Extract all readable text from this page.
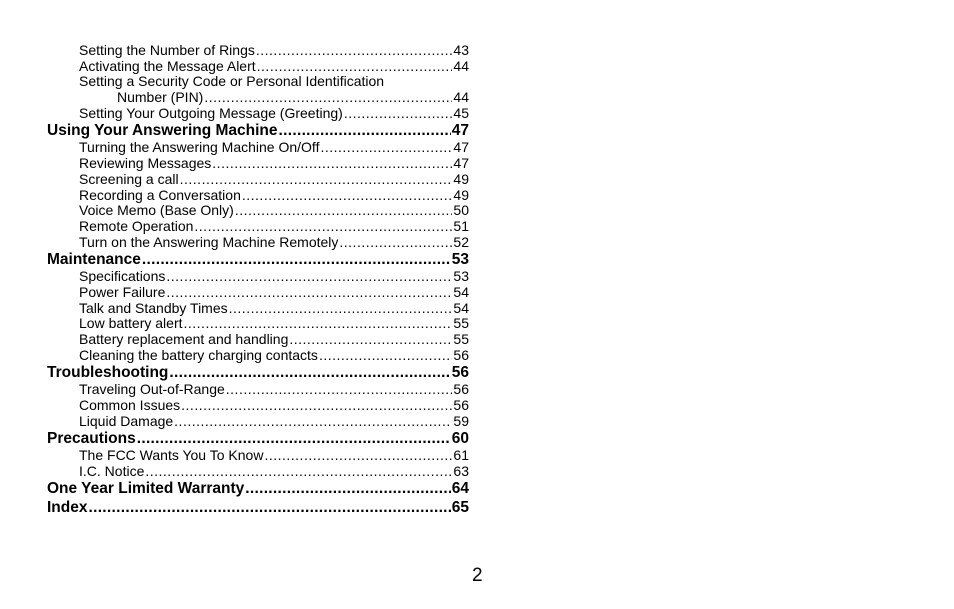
Setting the Number of Rings .....	43
Activating the Message Alert .....	44
Setting a Security Code or Personal Identification
Number (PIN) .....	44
Setting Your Outgoing Message (Greeting) .....	45
Using Your Answering Machine .....	47
Turning the Answering Machine On/Off .....	47
Reviewing Messages .....	47
Screening a call .....	49
Recording a Conversation .....	49
Voice Memo (Base Only) .....	50
Remote Operation .....	51
Turn on the Answering Machine Remotely .....	52
Maintenance .....	53
Specifications .....	53
Power Failure .....	54
Talk and Standby Times .....	54
Low battery alert .....	55
Battery replacement and handling .....	55
Cleaning the battery charging contacts .....	56
Troubleshooting .....	56
Traveling Out-of-Range .....	56
Common Issues .....	56
Liquid Damage .....	59
Precautions .....	60
The FCC Wants You To Know .....	61
I.C. Notice .....	63
One Year Limited Warranty .....	64
Index .....	65
2
